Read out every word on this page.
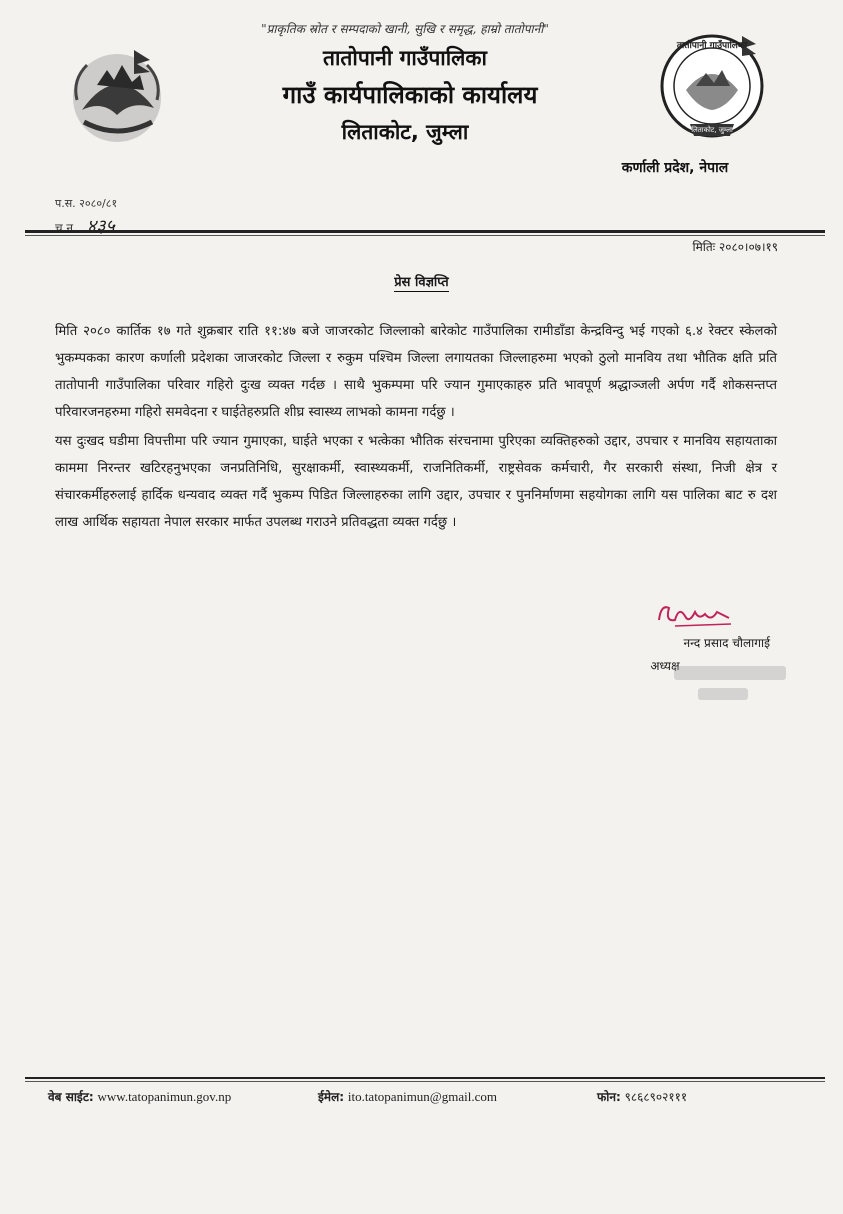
"प्राकृतिक स्रोत र सम्पदाको खानी, सुखि र समृद्ध, हाम्रो तातोपानी"
तातोपानी गाउँपालिका
गाउँ कार्यपालिकाको कार्यालय
लिताकोट, जुम्ला	लिताकोट, जुम्ला
तातोपानी गाउँपालिका
कर्णाली प्रदेश, नेपाल
प.स. २०८०/८१
च.न. ४३५
मितिः २०८०।०७।१९
प्रेस विज्ञप्ति

मिति २०८० कार्तिक १७ गते शुक्रबार राति ११:४७ बजे जाजरकोट जिल्लाको बारेकोट गाउँपालिका रामीडाँडा केन्द्रविन्दु भई गएको ६.४ रेक्टर स्केलको भुकम्पकका कारण कर्णाली प्रदेशका जाजरकोट जिल्ला र रुकुम पश्चिम जिल्ला लगायतका जिल्लाहरुमा भएको ठुलो मानविय तथा भौतिक क्षति प्रति तातोपानी गाउँपालिका परिवार गहिरो दुःख व्यक्त गर्दछ । साथै भुकम्पमा परि ज्यान गुमाएकाहरु प्रति भावपूर्ण श्रद्धाञ्जली अर्पण गर्दै शोकसन्तप्त परिवारजनहरुमा गहिरो समवेदना र घाईतेहरुप्रति शीघ्र स्वास्थ्य लाभको कामना गर्दछु ।

यस दुःखद घडीमा विपत्तीमा परि ज्यान गुमाएका, घाईते भएका र भत्केका भौतिक संरचनामा पुरिएका व्यक्तिहरुको उद्दार, उपचार र मानविय सहायताका काममा निरन्तर खटिरहनुभएका जनप्रतिनिधि, सुरक्षाकर्मी, स्वास्थ्यकर्मी, राजनितिकर्मी, राष्ट्रसेवक कर्मचारी, गैर सरकारी संस्था, निजी क्षेत्र र संचारकर्मीहरुलाई हार्दिक धन्यवाद व्यक्त गर्दै भुकम्प पिडित जिल्लाहरुका लागि उद्दार, उपचार र पुननिर्माणमा सहयोगका लागि यस पालिका बाट रु दश लाख आर्थिक सहायता नेपाल सरकार मार्फत उपलब्ध गराउने प्रतिवद्धता व्यक्त गर्दछु ।

नन्द प्रसाद चौलागाई
अध्यक्ष
वेब साईट: www.tatopanimun.gov.np	ईमेल: ito.tatopanimun@gmail.com	फोन: ९८६८९०२१११
